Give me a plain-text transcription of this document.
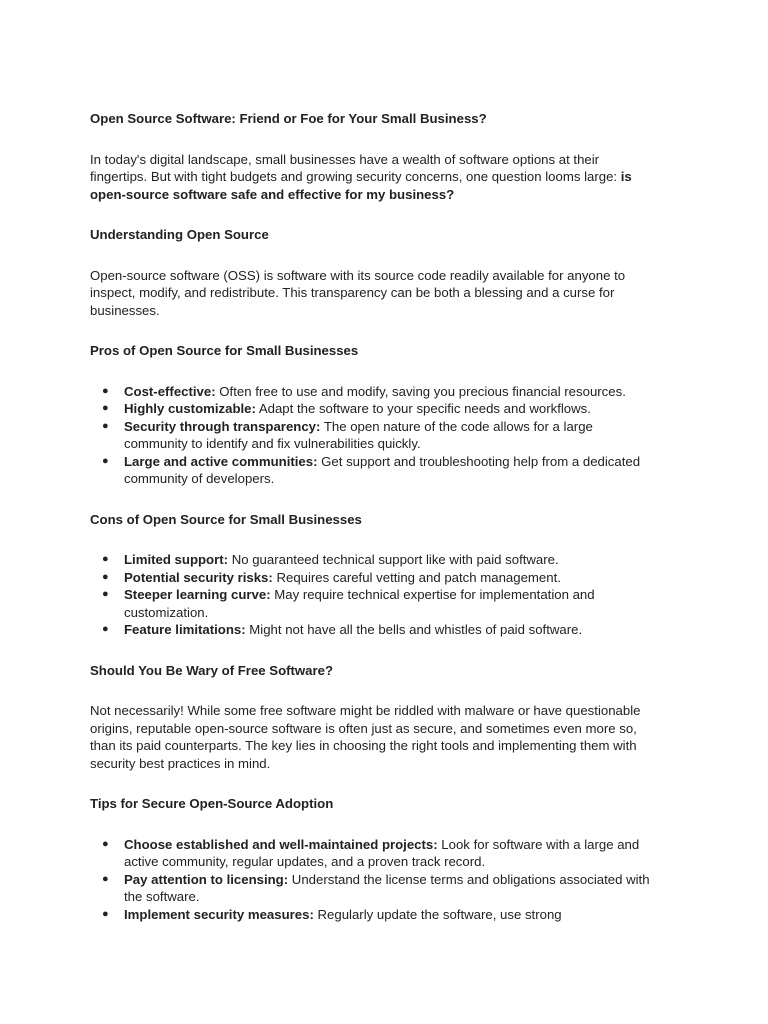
Open Source Software: Friend or Foe for Your Small Business?

In today's digital landscape, small businesses have a wealth of software options at their fingertips. But with tight budgets and growing security concerns, one question looms large: is open-source software safe and effective for my business?

Understanding Open Source

Open-source software (OSS) is software with its source code readily available for anyone to inspect, modify, and redistribute. This transparency can be both a blessing and a curse for businesses.

Pros of Open Source for Small Businesses

● Cost-effective: Often free to use and modify, saving you precious financial resources.
● Highly customizable: Adapt the software to your specific needs and workflows.
● Security through transparency: The open nature of the code allows for a large community to identify and fix vulnerabilities quickly.
● Large and active communities: Get support and troubleshooting help from a dedicated community of developers.

Cons of Open Source for Small Businesses

● Limited support: No guaranteed technical support like with paid software.
● Potential security risks: Requires careful vetting and patch management.
● Steeper learning curve: May require technical expertise for implementation and customization.
● Feature limitations: Might not have all the bells and whistles of paid software.

Should You Be Wary of Free Software?

Not necessarily! While some free software might be riddled with malware or have questionable origins, reputable open-source software is often just as secure, and sometimes even more so, than its paid counterparts. The key lies in choosing the right tools and implementing them with security best practices in mind.

Tips for Secure Open-Source Adoption

● Choose established and well-maintained projects: Look for software with a large and active community, regular updates, and a proven track record.
● Pay attention to licensing: Understand the license terms and obligations associated with the software.
● Implement security measures: Regularly update the software, use strong
